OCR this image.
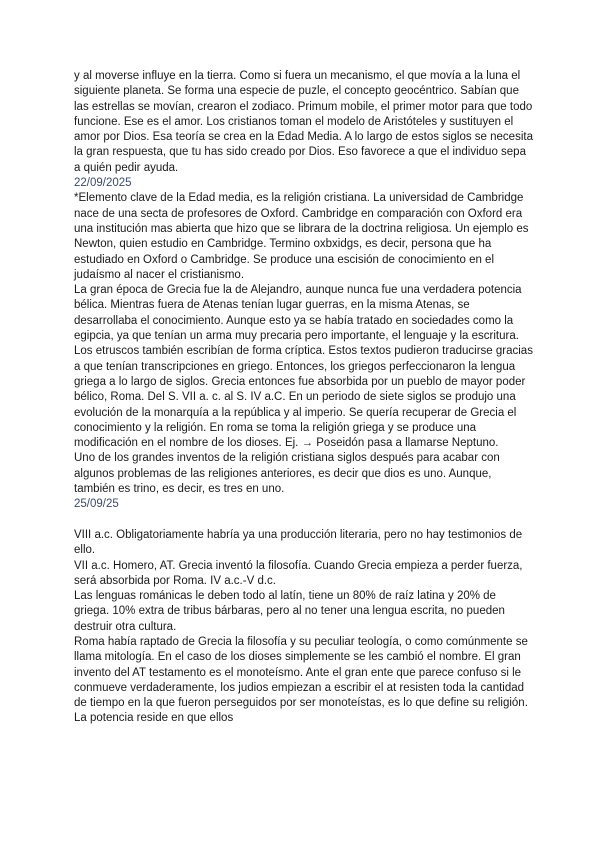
y al moverse influye en la tierra. Como si fuera un mecanismo, el que movía a la luna el siguiente planeta. Se forma una especie de puzle, el concepto geocéntrico. Sabían que las estrellas se movían, crearon el zodiaco. Primum mobile, el primer motor para que todo funcione. Ese es el amor. Los cristianos toman el modelo de Aristóteles y sustituyen el amor por Dios. Esa teoría se crea en la Edad Media. A lo largo de estos siglos se necesita la gran respuesta, que tu has sido creado por Dios. Eso favorece a que el individuo sepa a quién pedir ayuda.

22/09/2025

*Elemento clave de la Edad media, es la religión cristiana. La universidad de Cambridge nace de una secta de profesores de Oxford. Cambridge en comparación con Oxford era una institución mas abierta que hizo que se librara de la doctrina religiosa. Un ejemplo es Newton, quien estudio en Cambridge. Termino oxbxidgs, es decir, persona que ha estudiado en Oxford o Cambridge. Se produce una escisión de conocimiento en el judaísmo al nacer el cristianismo.

La gran época de Grecia fue la de Alejandro, aunque nunca fue una verdadera potencia bélica. Mientras fuera de Atenas tenían lugar guerras, en la misma Atenas, se desarrollaba el conocimiento. Aunque esto ya se había tratado en sociedades como la egipcia, ya que tenían un arma muy precaria pero importante, el lenguaje y la escritura. Los etruscos también escribían de forma críptica. Estos textos pudieron traducirse gracias a que tenían transcripciones en griego. Entonces, los griegos perfeccionaron la lengua griega a lo largo de siglos. Grecia entonces fue absorbida por un pueblo de mayor poder bélico, Roma. Del S. VII a. c. al S. IV a.C. En un periodo de siete siglos se produjo una evolución de la monarquía a la república y al imperio. Se quería recuperar de Grecia el conocimiento y la religión. En roma se toma la religión griega y se produce una modificación en el nombre de los dioses. Ej. → Poseidón pasa a llamarse Neptuno.

Uno de los grandes inventos de la religión cristiana siglos después para acabar con algunos problemas de las religiones anteriores, es decir que dios es uno. Aunque, también es trino, es decir, es tres en uno.

25/09/25

VIII a.c. Obligatoriamente habría ya una producción literaria, pero no hay testimonios de ello.

VII a.c. Homero, AT. Grecia inventó la filosofía. Cuando Grecia empieza a perder fuerza, será absorbida por Roma. IV a.c.-V d.c.

Las lenguas románicas le deben todo al latín, tiene un 80% de raíz latina y 20% de griega. 10% extra de tribus bárbaras, pero al no tener una lengua escrita, no pueden destruir otra cultura.

Roma había raptado de Grecia la filosofía y su peculiar teología, o como comúnmente se llama mitología. En el caso de los dioses simplemente se les cambió el nombre. El gran invento del AT testamento es el monoteísmo. Ante el gran ente que parece confuso si le conmueve verdaderamente, los judios empiezan a escribir el at resisten toda la cantidad de tiempo en la que fueron perseguidos por ser monoteístas, es lo que define su religión. La potencia reside en que ellos
